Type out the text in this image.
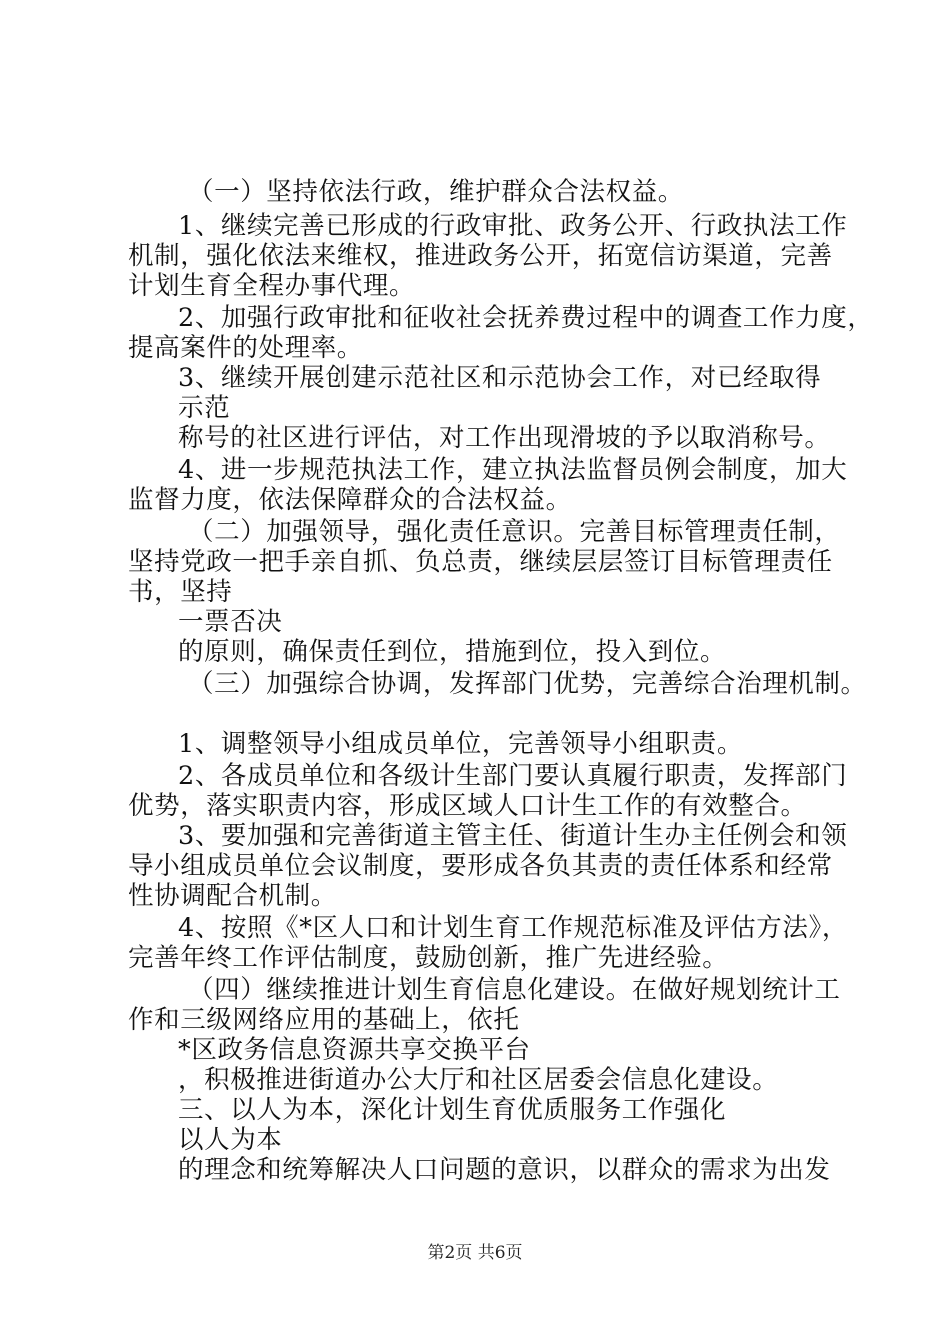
（一）坚持依法行政，维护群众合法权益。
1、继续完善已形成的行政审批、政务公开、行政执法工作
机制，强化依法来维权，推进政务公开，拓宽信访渠道，完善
计划生育全程办事代理。
2、加强行政审批和征收社会抚养费过程中的调查工作力度，
提高案件的处理率。
3、继续开展创建示范社区和示范协会工作，对已经取得
示范
称号的社区进行评估，对工作出现滑坡的予以取消称号。
4、进一步规范执法工作，建立执法监督员例会制度，加大
监督力度，依法保障群众的合法权益。
（二）加强领导，强化责任意识。完善目标管理责任制，
坚持党政一把手亲自抓、负总责，继续层层签订目标管理责任
书，坚持
一票否决
的原则，确保责任到位，措施到位，投入到位。
（三）加强综合协调，发挥部门优势，完善综合治理机制。
1、调整领导小组成员单位，完善领导小组职责。
2、各成员单位和各级计生部门要认真履行职责，发挥部门
优势，落实职责内容，形成区域人口计生工作的有效整合。
3、要加强和完善街道主管主任、街道计生办主任例会和领
导小组成员单位会议制度，要形成各负其责的责任体系和经常
性协调配合机制。
4、按照《*区人口和计划生育工作规范标准及评估方法》，
完善年终工作评估制度，鼓励创新，推广先进经验。
（四）继续推进计划生育信息化建设。在做好规划统计工
作和三级网络应用的基础上，依托
*区政务信息资源共享交换平台
，积极推进街道办公大厅和社区居委会信息化建设。
三、以人为本，深化计划生育优质服务工作强化
以人为本
的理念和统筹解决人口问题的意识，以群众的需求为出发
第2页 共6页
